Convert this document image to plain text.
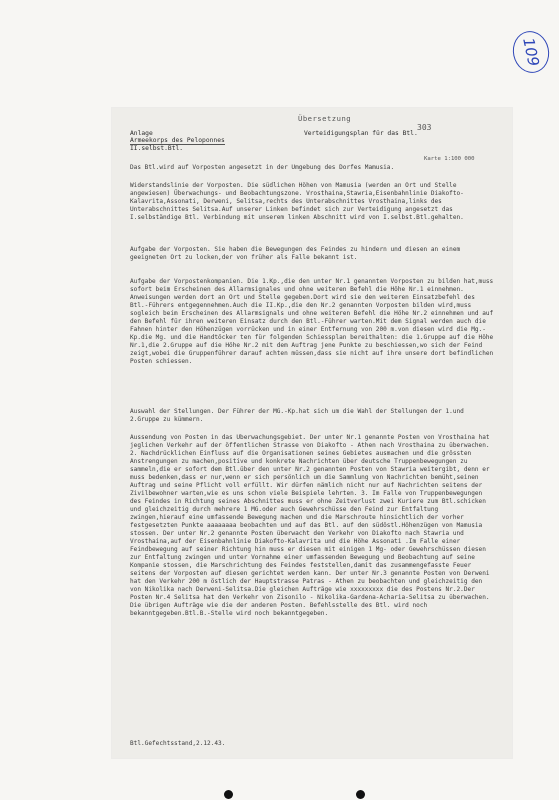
109
Übersetzung
303
Anlage
Armeekorps des Peloponnes
II.selbst.Btl.
Verteidigungsplan für das Btl.
Karte 1:100 000
Das Btl.wird auf Vorposten angesetzt in der Umgebung des Dorfes Mamusia.
Widerstandslinie der Vorposten. Die südlichen Höhen von Mamusia (werden an Ort und Stelle angewiesen) Überwachungs- und Beobachtungszone. Vrosthaina,Stawria,Eisenbahnlinie Diakofto- Kalavrita,Assonati, Derweni, Selitsa,rechts des Unterabschnittes Vrosthaina,links des Unterabschnittes Selitsa.Auf unserer Linken befindet sich zur Verteidigung angesetzt das I.selbständige Btl. Verbindung mit unserem linken Abschnitt wird von I.selbst.Btl.gehalten.
Aufgabe der Vorposten. Sie haben die Bewegungen des Feindes zu hindern und diesen an einem geeigneten Ort zu locken,der von früher als Falle bekannt ist.
Aufgabe der Vorpostenkompanien. Die 1.Kp.,die den unter Nr.1 genannten Vorposten zu bilden hat,muss sofort beim Erscheinen des Allarmsignales und ohne weiteren Befehl die Höhe Nr.1 einnehmen. Anweisungen werden dort an Ort und Stelle gegeben.Dort wird sie den weiteren Einsatzbefehl des Btl.-Führers entgegennehmen.Auch die II.Kp.,die den Nr.2 genannten Vorposten bilden wird,muss sogleich beim Erscheinen des Allarmsignals und ohne weiteren Befehl die Höhe Nr.2 einnehmen und auf den Befehl für ihren weiteren Einsatz durch den Btl.-Führer warten.Mit dem Signal werden auch die Fahnen hinter den Höhenzügen vorrücken und in einer Entfernung von 200 m.von diesen wird die Mg.-Kp.die Mg. und die Handtöcker ten für folgenden Schiessplan bereithalten: die 1.Gruppe auf die Höhe Nr.1,die 2.Gruppe auf die Höhe Nr.2 mit dem Auftrag jene Punkte zu beschiessen,wo sich der Feind zeigt,wobei die Gruppenführer darauf achten müssen,dass sie nicht auf ihre unsere dort befindlichen Posten schiessen.
Auswahl der Stellungen. Der Führer der MG.-Kp.hat sich um die Wahl der Stellungen der 1.und 2.Gruppe zu kümmern.
Aussendung von Posten in das Überwachungsgebiet. Der unter Nr.1 genannte Posten von Vrosthaina hat jeglichen Verkehr auf der öffentlichen Strasse von Diakofto - Athen nach Vrosthaina zu überwachen. 2. Nachdrücklichen Einfluss auf die Organisationen seines Gebietes ausmachen und die grössten Anstrengungen zu machen,positive und konkrete Nachrichten über deutsche Truppenbewegungen zu sammeln,die er sofort dem Btl.über den unter Nr.2 genannten Posten von Stawria weitergibt, denn er muss bedenken,dass er nur,wenn er sich persönlich um die Sammlung von Nachrichten bemüht,seinen Auftrag und seine Pflicht voll erfüllt. Wir dürfen nämlich nicht nur auf Nachrichten seitens der Zivilbewohner warten,wie es uns schon viele Beispiele lehrten. 3. Im Falle von Truppenbewegungen des Feindes in Richtung seines Abschnittes muss er ohne Zeitverlust zwei Kuriere zum Btl.schicken und gleichzeitig durch mehrere 1 MG.oder auch Gewehrschüsse den Feind zur Entfaltung zwingen,hierauf eine umfassende Bewegung machen und die Marschroute hinsichtlich der vorher festgesetzten Punkte aaaaaaaa beobachten und auf das Btl. auf den südöstl.Höhenzügen von Mamusia stossen. Der unter Nr.2 genannte Posten überwacht den Verkehr von Diakofto nach Stawria und Vrosthaina,auf der Eisenbahnlinie Diakofto-Kalavrita und die Höhe Assonati .Im Falle einer Feindbewegung auf seiner Richtung hin muss er diesen mit einigen 1 Mg- oder Gewehrschüssen diesen zur Entfaltung zwingen und unter Vornahme einer umfassenden Bewegung und Beobachtung auf seine Kompanie stossen, die Marschrichtung des Feindes feststellen,damit das zusammengefasste Feuer seitens der Vorposten auf diesen gerichtet werden kann. Der unter Nr.3 genannte Posten von Derweni hat den Verkehr 200 m östlich der Hauptstrasse Patras - Athen zu beobachten und gleichzeitig den von Nikolika nach Derweni-Selitsa.Die gleichen Aufträge wie xxxxxxxxx die des Postens Nr.2.Der Posten Nr.4 Selitsa hat den Verkehr von Zisonilo - Nikolika-Gardena-Acharia-Selitsa zu überwachen. Die übrigen Aufträge wie die der anderen Posten. Befehlsstelle des Btl. wird noch bekanntgegeben.Btl.B.-Stelle wird noch bekanntgegeben.
Btl.Gefechtsstand,2.12.43.
